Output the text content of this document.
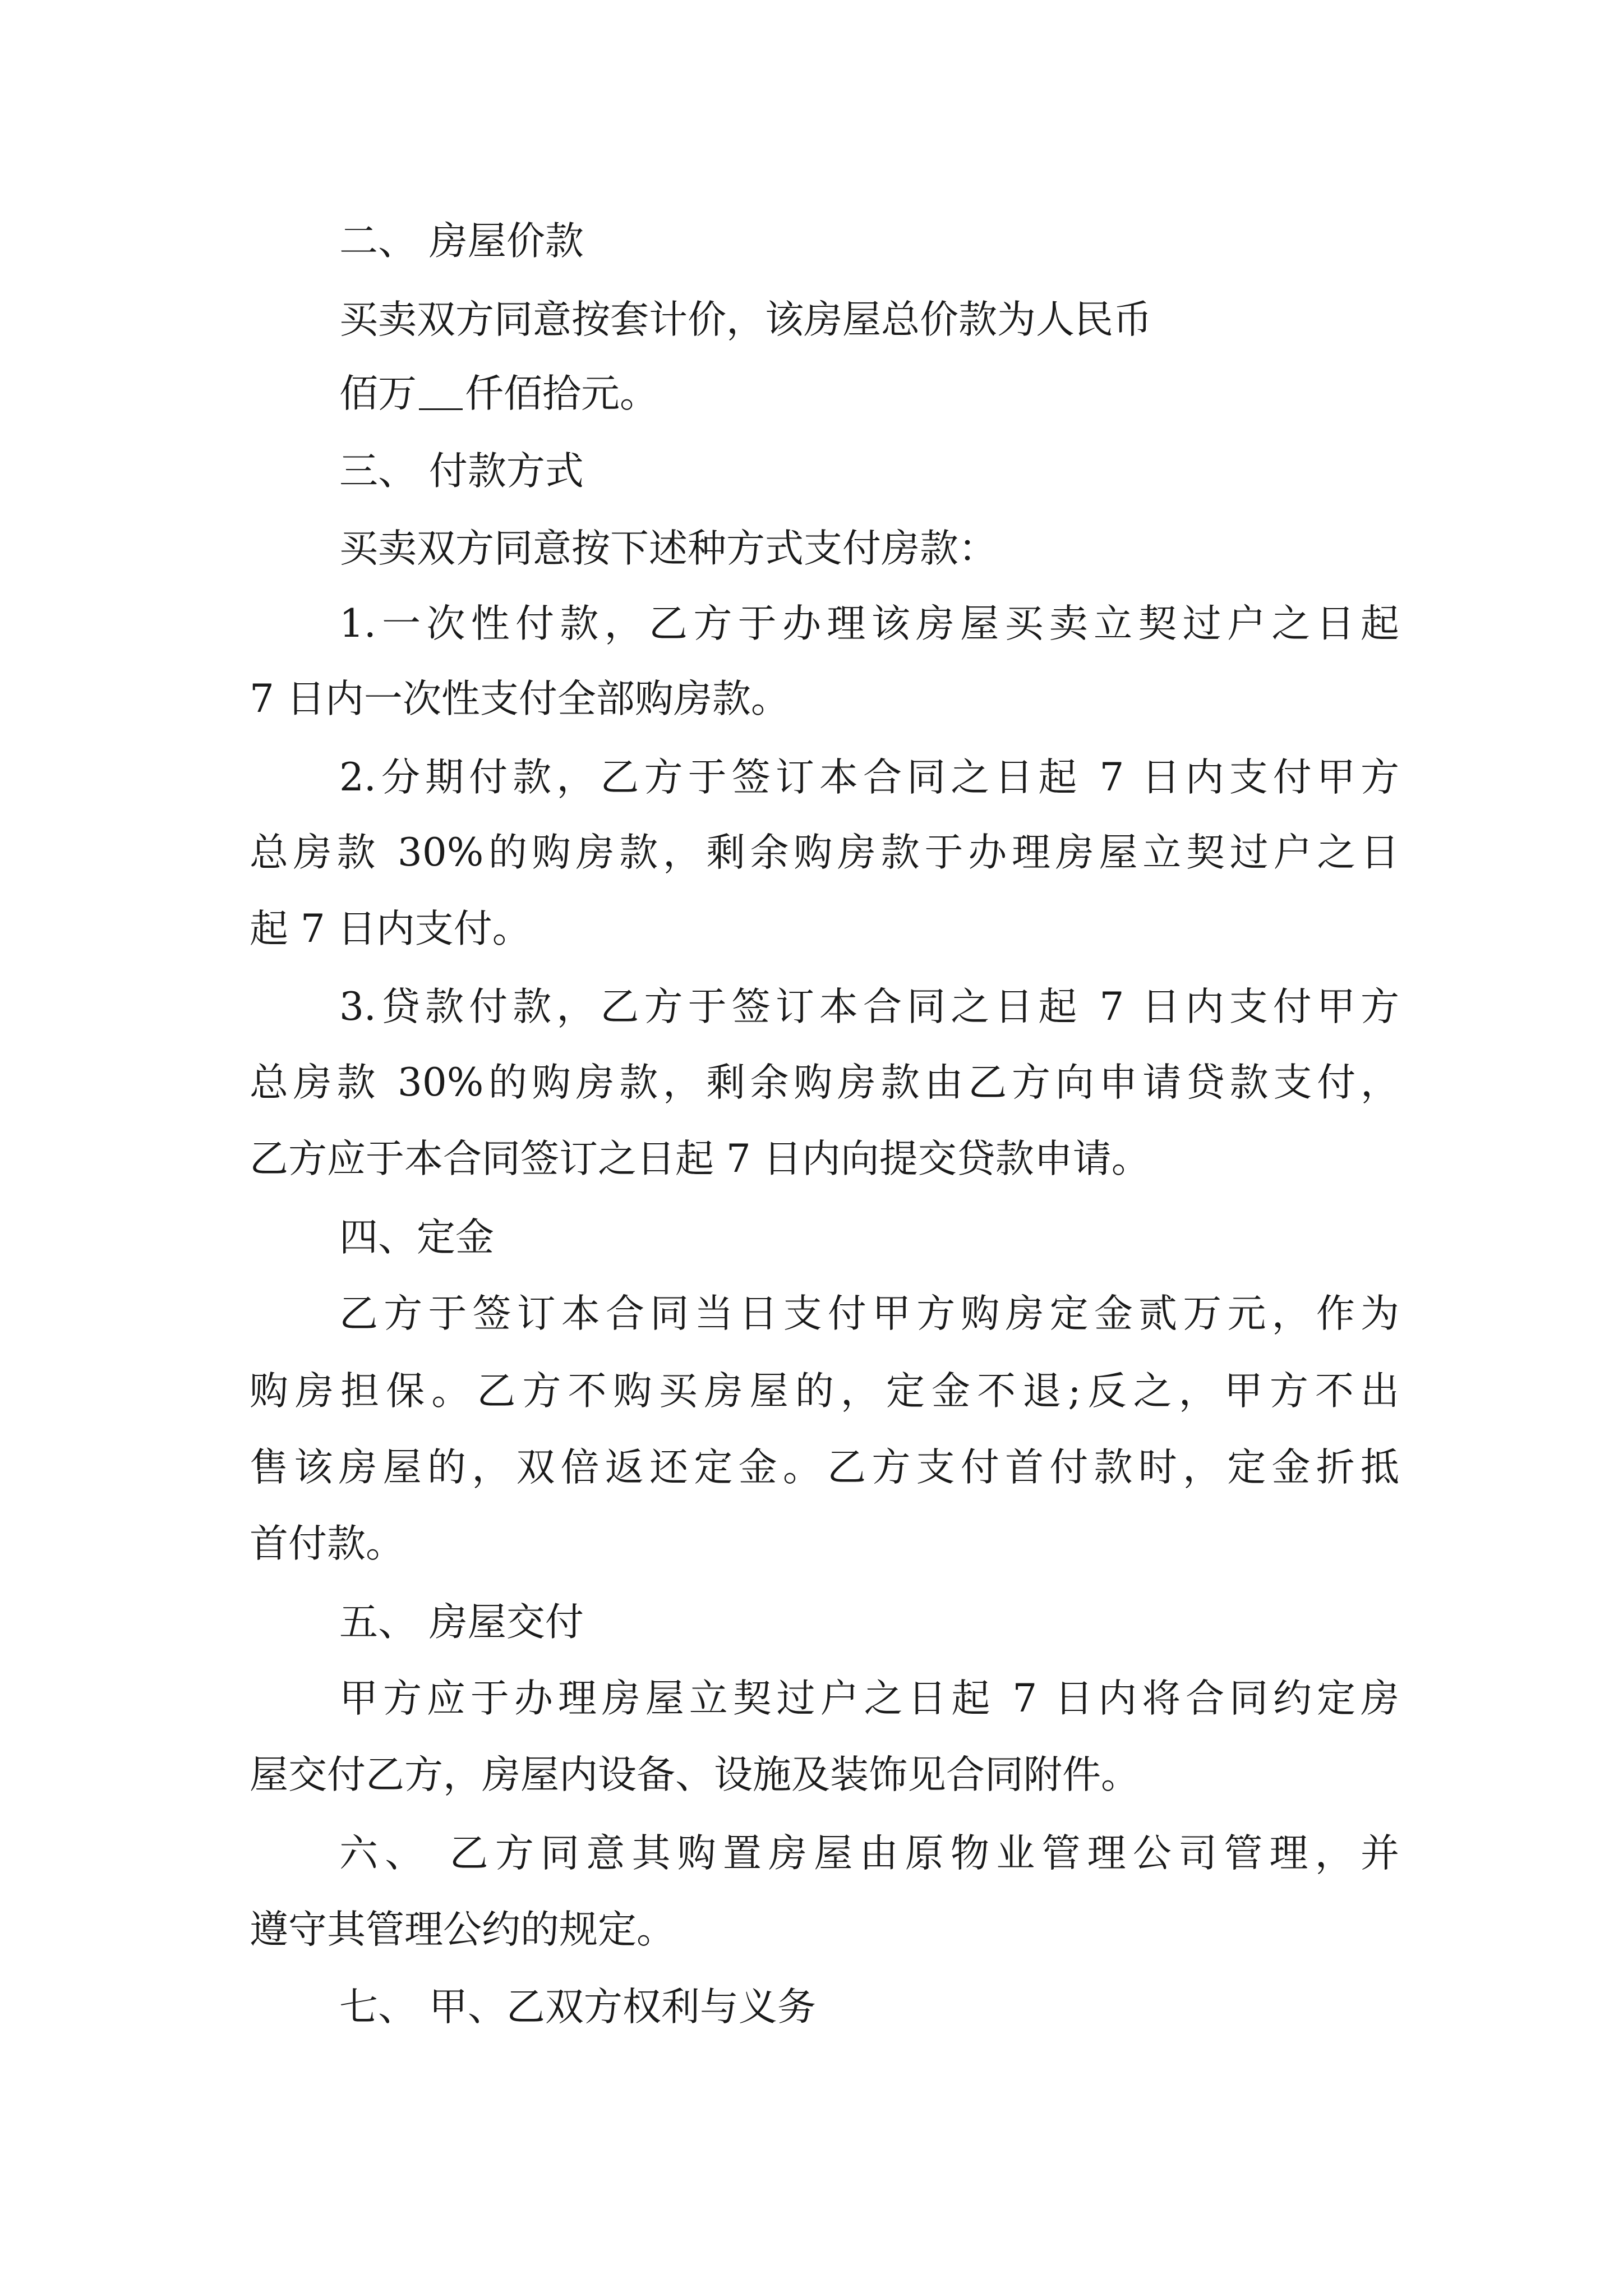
二、 房屋价款
买卖双方同意按套计价，该房屋总价款为人民币
佰万 仟佰拾元。
三、 付款方式
买卖双方同意按下述种方式支付房款：
1.一次性付款，乙方于办理该房屋买卖立契过户之日起
7 日内一次性支付全部购房款。
2.分期付款，乙方于签订本合同之日起 7 日内支付甲方
总房款 30%的购房款，剩余购房款于办理房屋立契过户之日
起 7 日内支付。
3.贷款付款，乙方于签订本合同之日起 7 日内支付甲方
总房款 30%的购房款，剩余购房款由乙方向申请贷款支付，
乙方应于本合同签订之日起 7 日内向提交贷款申请。
四、定金
乙方于签订本合同当日支付甲方购房定金贰万元，作为
购房担保。乙方不购买房屋的，定金不退;反之，甲方不出
售该房屋的，双倍返还定金。乙方支付首付款时，定金折抵
首付款。
五、 房屋交付
甲方应于办理房屋立契过户之日起 7 日内将合同约定房
屋交付乙方，房屋内设备、设施及装饰见合同附件。
六、 乙方同意其购置房屋由原物业管理公司管理，并
遵守其管理公约的规定。
七、 甲、乙双方权利与义务
